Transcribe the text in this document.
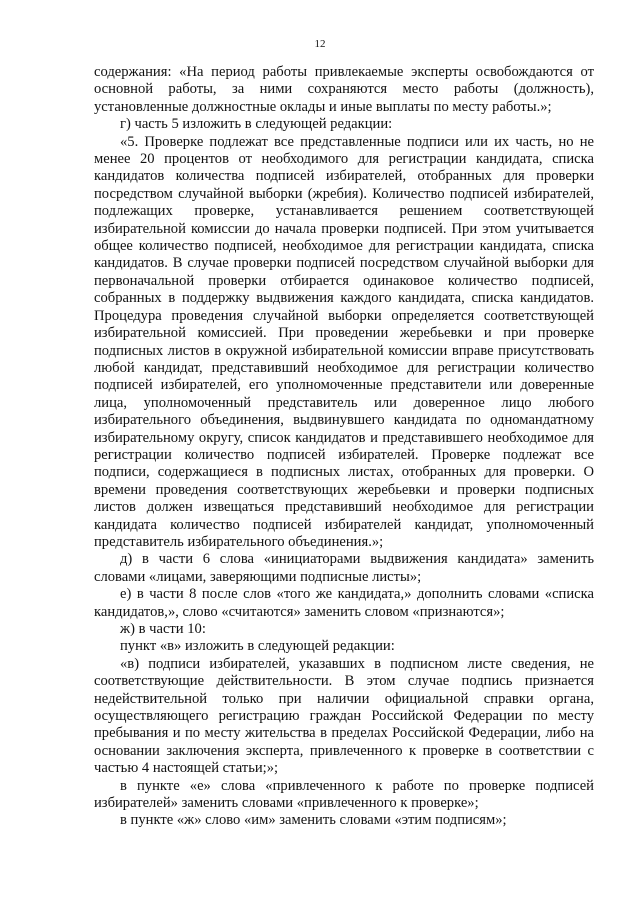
12

содержания: «На период работы привлекаемые эксперты освобождаются от основной работы, за ними сохраняются место работы (должность), установленные должностные оклады и иные выплаты по месту работы.»;

г) часть 5 изложить в следующей редакции:

«5. Проверке подлежат все представленные подписи или их часть, но не менее 20 процентов от необходимого для регистрации кандидата, списка кандидатов количества подписей избирателей, отобранных для проверки посредством случайной выборки (жребия). Количество подписей избирателей, подлежащих проверке, устанавливается решением соответствующей избирательной комиссии до начала проверки подписей. При этом учитывается общее количество подписей, необходимое для регистрации кандидата, списка кандидатов. В случае проверки подписей посредством случайной выборки для первоначальной проверки отбирается одинаковое количество подписей, собранных в поддержку выдвижения каждого кандидата, списка кандидатов. Процедура проведения случайной выборки определяется соответствующей избирательной комиссией. При проведении жеребьевки и при проверке подписных листов в окружной избирательной комиссии вправе присутствовать любой кандидат, представивший необходимое для регистрации количество подписей избирателей, его уполномоченные представители или доверенные лица, уполномоченный представитель или доверенное лицо любого избирательного объединения, выдвинувшего кандидата по одномандатному избирательному округу, список кандидатов и представившего необходимое для регистрации количество подписей избирателей. Проверке подлежат все подписи, содержащиеся в подписных листах, отобранных для проверки. О времени проведения соответствующих жеребьевки и проверки подписных листов должен извещаться представивший необходимое для регистрации кандидата количество подписей избирателей кандидат, уполномоченный представитель избирательного объединения.»;

д) в части 6 слова «инициаторами выдвижения кандидата» заменить словами «лицами, заверяющими подписные листы»;

е) в части 8 после слов «того же кандидата,» дополнить словами «списка кандидатов,», слово «считаются» заменить словом «признаются»;

ж) в части 10:

пункт «в» изложить в следующей редакции:

«в) подписи избирателей, указавших в подписном листе сведения, не соответствующие действительности. В этом случае подпись признается недействительной только при наличии официальной справки органа, осуществляющего регистрацию граждан Российской Федерации по месту пребывания и по месту жительства в пределах Российской Федерации, либо на основании заключения эксперта, привлеченного к проверке в соответствии с частью 4 настоящей статьи;»;

в пункте «е» слова «привлеченного к работе по проверке подписей избирателей» заменить словами «привлеченного к проверке»;

в пункте «ж» слово «им» заменить словами «этим подписям»;
